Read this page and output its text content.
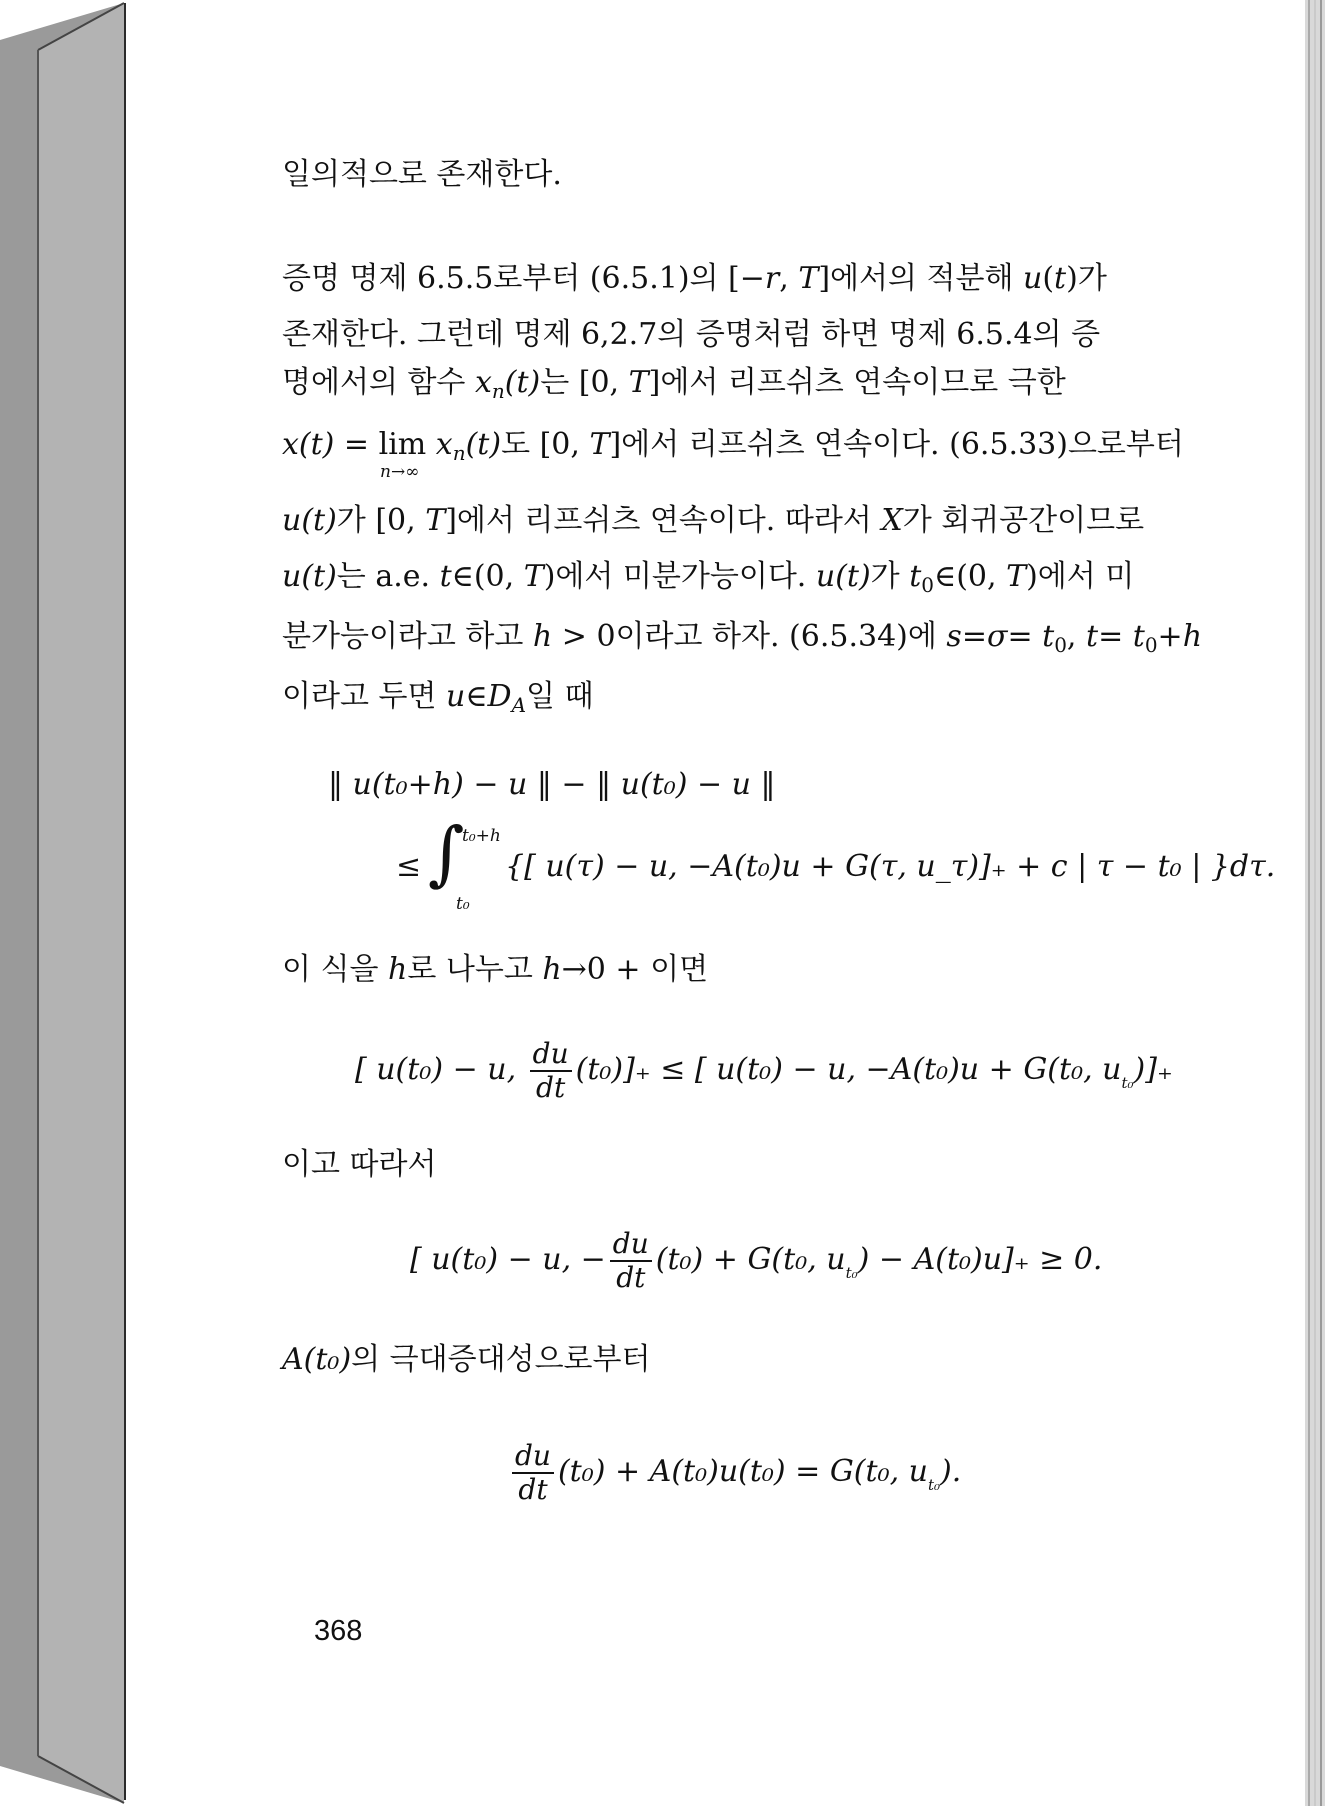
일의적으로 존재한다.
증명 명제 6.5.5로부터 (6.5.1)의 [−r, T]에서의 적분해 u(t)가
존재한다. 그런데 명제 6,2.7의 증명처럼 하면 명제 6.5.4의 증
명에서의 함수 $x_n(t)$는 [0, T]에서 리프쉬츠 연속이므로 극한
$x(t) = \lim x_n(t)$도 [0, T]에서 리프쉬츠 연속이다. (6.5.33)으로부터
n→∞
u(t)가 [0, T]에서 리프쉬츠 연속이다. 따라서 X가 회귀공간이므로
u(t)는 a.e. t∈(0, T)에서 미분가능이다. u(t)가 $t_0\in(0$, T)에서 미
분가능이라고 하고 h > 0이라고 하자. (6.5.34)에 $s=\sigma= t_0$, $t= t_0+h$
이라고 두면 $u\in D_A$일 때
‖ u(t₀+h) − u ‖ − ‖ u(t₀) − u ‖
≤ ∫
t₀+h
t₀
{[ u(τ) − u, −A(t₀)u + G(τ, u_τ)]₊ + c | τ − t₀ | }dτ.
이 식을 h로 나누고 h→0 + 이면
[ u(t₀) − u, $\frac{du}{dt} (t_0)]_+$ ≤ [ u(t₀) − u, −A(t₀)u + G(t₀, $u_{t_0})]_+$
이고 따라서
[ u(t₀) − u, − $\frac{du}{dt} (t_0) + G(t_0$, $u_{t_0}) - A(t_0)u]_+ \ge 0$.
A(t₀)의 극대증대성으로부터
$\frac{du}{dt} (t_0) + A(t_0)u(t_0) = G(t_0$, $u_{t_0}$).
368
